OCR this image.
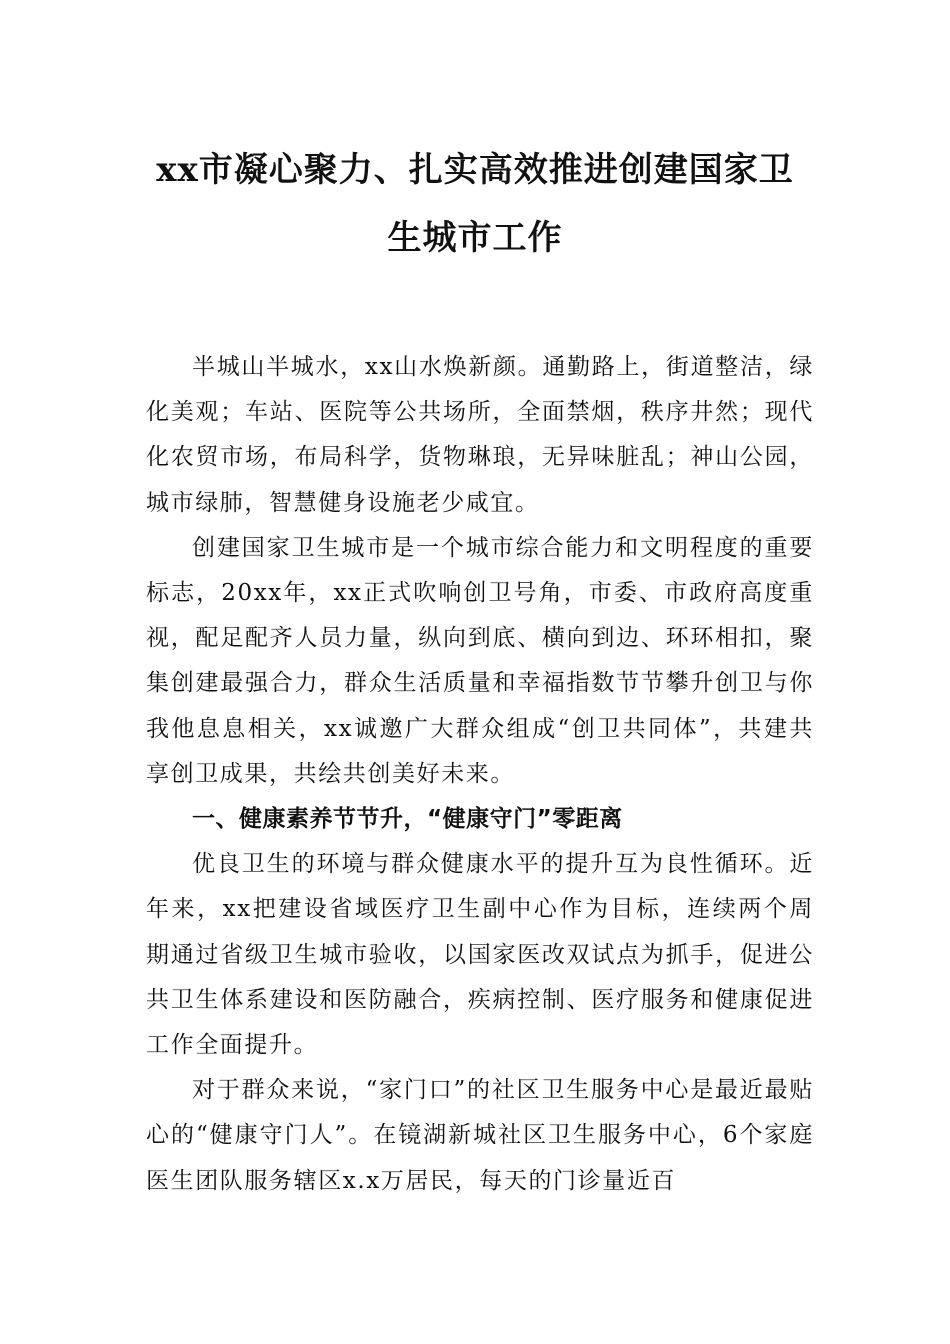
xx市凝心聚力、扎实高效推进创建国家卫
生城市工作

半城山半城水，xx山水焕新颜。通勤路上，街道整洁，绿化美观；车站、医院等公共场所，全面禁烟，秩序井然；现代化农贸市场，布局科学，货物琳琅，无异味脏乱；神山公园，城市绿肺，智慧健身设施老少咸宜。

创建国家卫生城市是一个城市综合能力和文明程度的重要标志，20xx年，xx正式吹响创卫号角，市委、市政府高度重视，配足配齐人员力量，纵向到底、横向到边、环环相扣，聚集创建最强合力，群众生活质量和幸福指数节节攀升创卫与你我他息息相关，xx诚邀广大群众组成“创卫共同体”，共建共享创卫成果，共绘共创美好未来。

一、健康素养节节升，“健康守门”零距离

优良卫生的环境与群众健康水平的提升互为良性循环。近年来，xx把建设省域医疗卫生副中心作为目标，连续两个周期通过省级卫生城市验收，以国家医改双试点为抓手，促进公共卫生体系建设和医防融合，疾病控制、医疗服务和健康促进工作全面提升。

对于群众来说，“家门口”的社区卫生服务中心是最近最贴心的“健康守门人”。在镜湖新城社区卫生服务中心，6个家庭医生团队服务辖区x.x万居民，每天的门诊量近百
